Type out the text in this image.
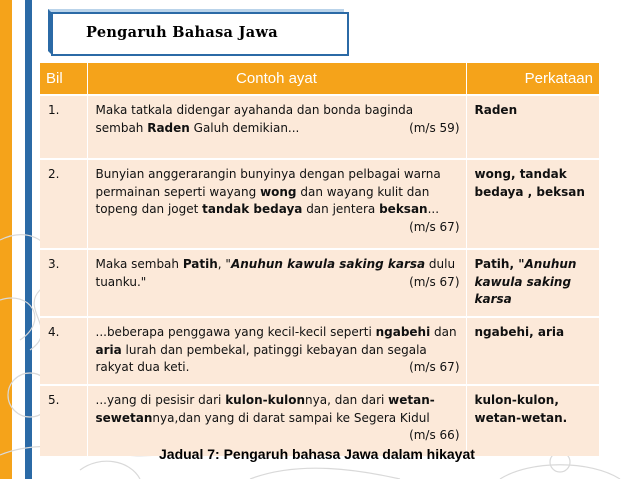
Pengaruh Bahasa Jawa
Bil	Contoh ayat	Perkataan
1.	Maka tatkala didengar ayahanda dan bonda baginda sembah Raden Galuh demikian... (m/s 59)	Raden
2.	Bunyian anggerarangin bunyinya dengan pelbagai warna permainan seperti wayang wong dan wayang kulit dan topeng dan joget tandak bedaya dan jentera beksan...
(m/s 67)	wong, tandak bedaya , beksan
3.	Maka sembah Patih, "Anuhun kawula saking karsa dulu tuanku." (m/s 67)	Patih, "Anuhun kawula saking karsa
4.	...beberapa penggawa yang kecil-kecil seperti ngabehi dan aria lurah dan pembekal, patinggi kebayan dan segala rakyat dua keti. (m/s 67)	ngabehi, aria
5.	...yang di pesisir dari kulon-kulonnya, dan dari wetan-sewetannya,dan yang di darat sampai ke Segera Kidul
(m/s 66)	kulon-kulon, wetan-wetan.
Jadual 7: Pengaruh bahasa Jawa dalam hikayat
